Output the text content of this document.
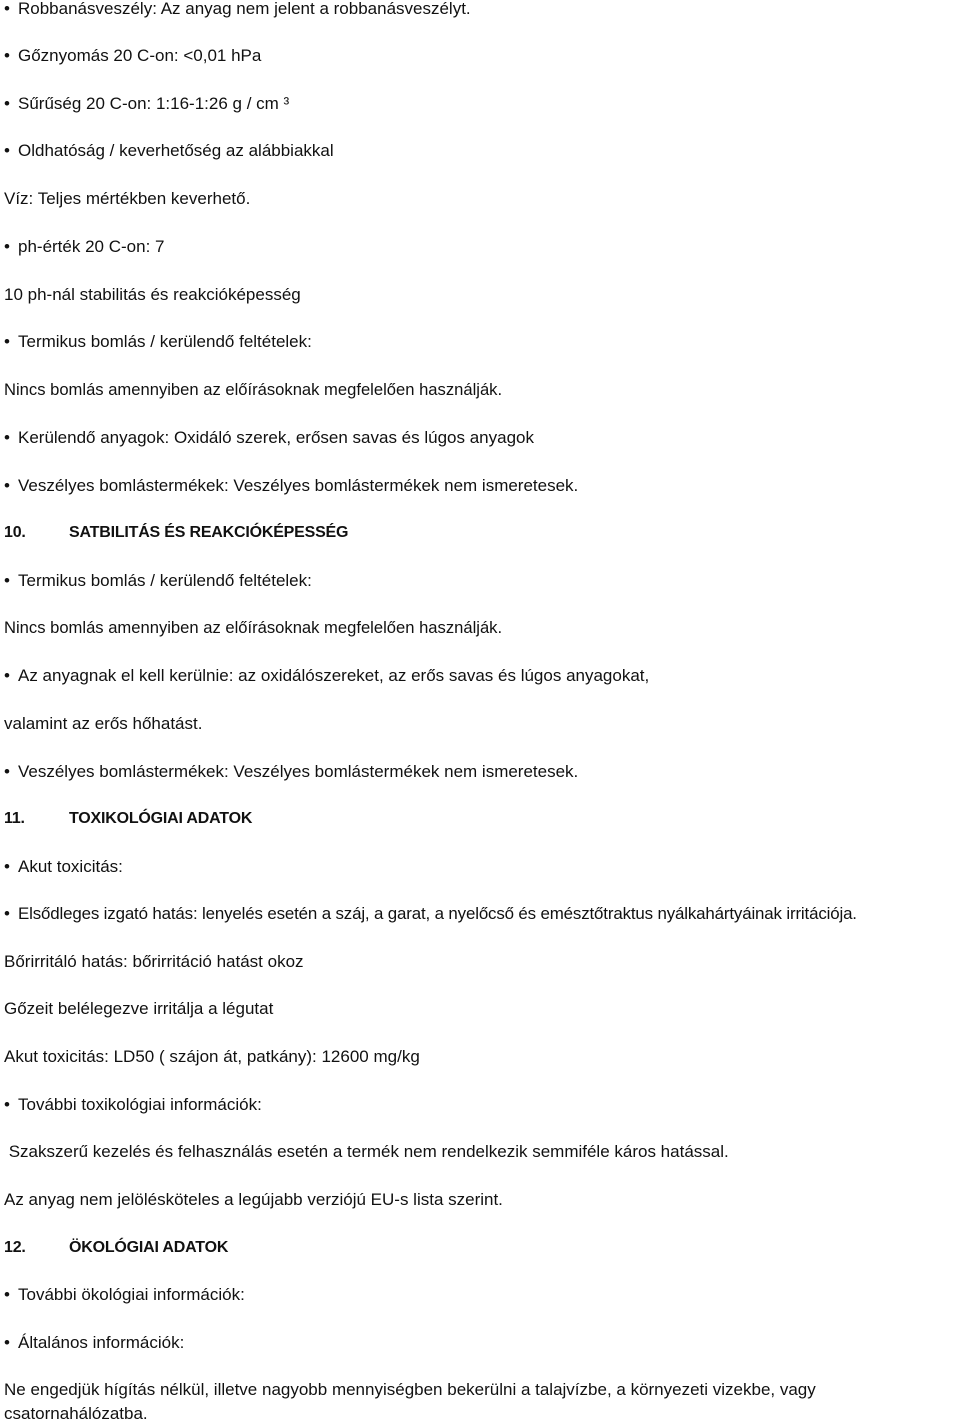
• Robbanásveszély: Az anyag nem jelent a robbanásveszélyt.
• Gőznyomás 20 C-on: <0,01 hPa
• Sűrűség 20 C-on: 1:16-1:26 g / cm ³
• Oldhatóság / keverhetőség az alábbiakkal
Víz: Teljes mértékben keverhető.
• ph-érték 20 C-on: 7
10 ph-nál stabilitás és reakcióképesség
• Termikus bomlás / kerülendő feltételek:
Nincs bomlás amennyiben az előírásoknak megfelelően használják.
• Kerülendő anyagok: Oxidáló szerek, erősen savas és lúgos anyagok
• Veszélyes bomlástermékek: Veszélyes bomlástermékek nem ismeretesek.
10.	SATBILITÁS ÉS REAKCIÓKÉPESSÉG
• Termikus bomlás / kerülendő feltételek:
Nincs bomlás amennyiben az előírásoknak megfelelően használják.
• Az anyagnak el kell kerülnie: az oxidálószereket, az erős savas és lúgos anyagokat,
valamint az erős hőhatást.
• Veszélyes bomlástermékek: Veszélyes bomlástermékek nem ismeretesek.
11.	TOXIKOLÓGIAI ADATOK
• Akut toxicitás:
• Elsődleges izgató hatás: lenyelés esetén a száj, a garat, a nyelőcső és emésztőtraktus nyálkahártyáinak irritációja.
Bőrirritáló hatás: bőrirritáció hatást okoz
Gőzeit belélegezve irritálja a légutat
Akut toxicitás: LD50 ( szájon át, patkány): 12600 mg/kg
• További toxikológiai információk:
Szakszerű kezelés és felhasználás esetén a termék nem rendelkezik semmiféle káros hatással.
Az anyag nem jelölésköteles a legújabb verziójú EU-s lista szerint.
12.	ÖKOLÓGIAI ADATOK
• További ökológiai információk:
• Általános információk:
Ne engedjük hígítás nélkül, illetve nagyobb mennyiségben bekerülni a talajvízbe, a környezeti vizekbe, vagy csatornahálózatba.
